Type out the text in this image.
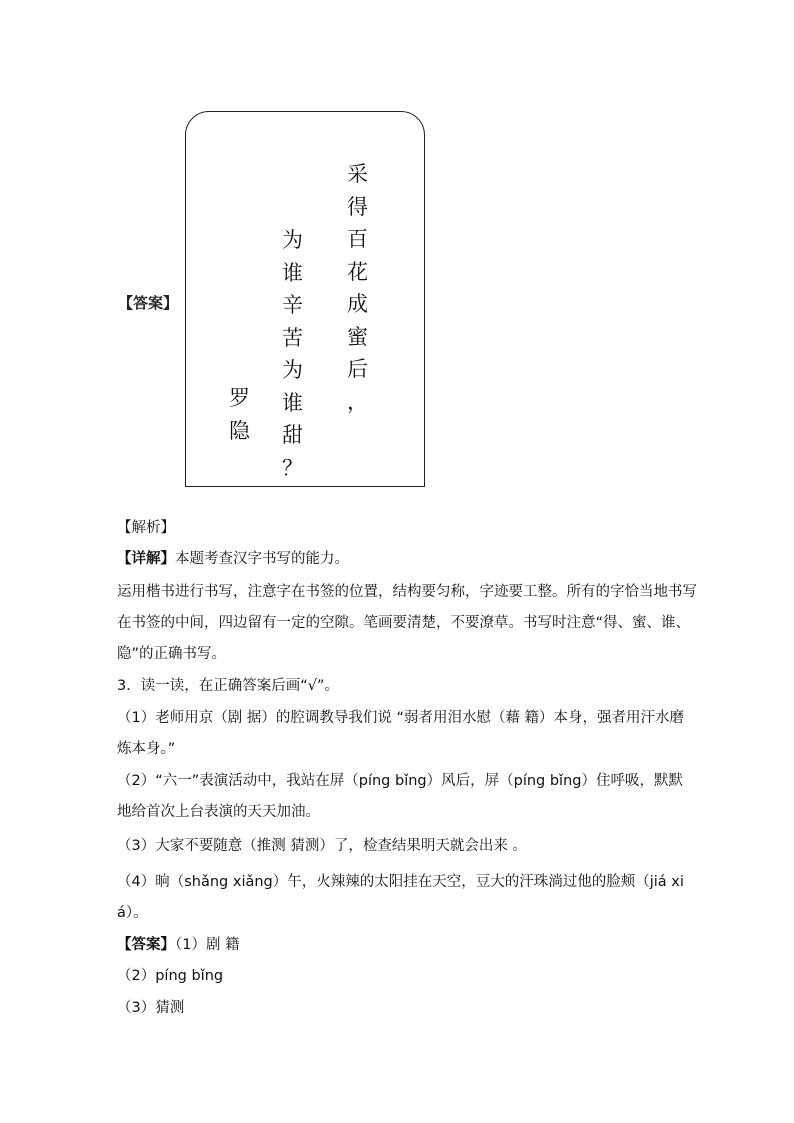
【答案】
采
得
百
花
成
蜜
后
，
为
谁
辛
苦
为
谁
甜
？
罗
隐
【解析】
【详解】本题考查汉字书写的能力。
运用楷书进行书写，注意字在书签的位置，结构要匀称，字迹要工整。所有的字恰当地书写
在书签的中间，四边留有一定的空隙。笔画要清楚，不要潦草。书写时注意“得、蜜、谁、
隐”的正确书写。
3．读一读，在正确答案后画“√”。
（1）老师用京（剧 据）的腔调教导我们说 “弱者用泪水慰（藉 籍）本身，强者用汗水磨
炼本身。”
（2）“六一”表演活动中，我站在屏（píng bǐng）风后，屏（píng bǐng）住呼吸，默默
地给首次上台表演的天天加油。
（3）大家不要随意（推测 猜测）了，检查结果明天就会出来 。
（4）晌（shǎng xiǎng）午，火辣辣的太阳挂在天空，豆大的汗珠淌过他的脸颊（jiá xi
á）。
【答案】（1）剧 籍
（2）píng bǐng
（3）猜测
